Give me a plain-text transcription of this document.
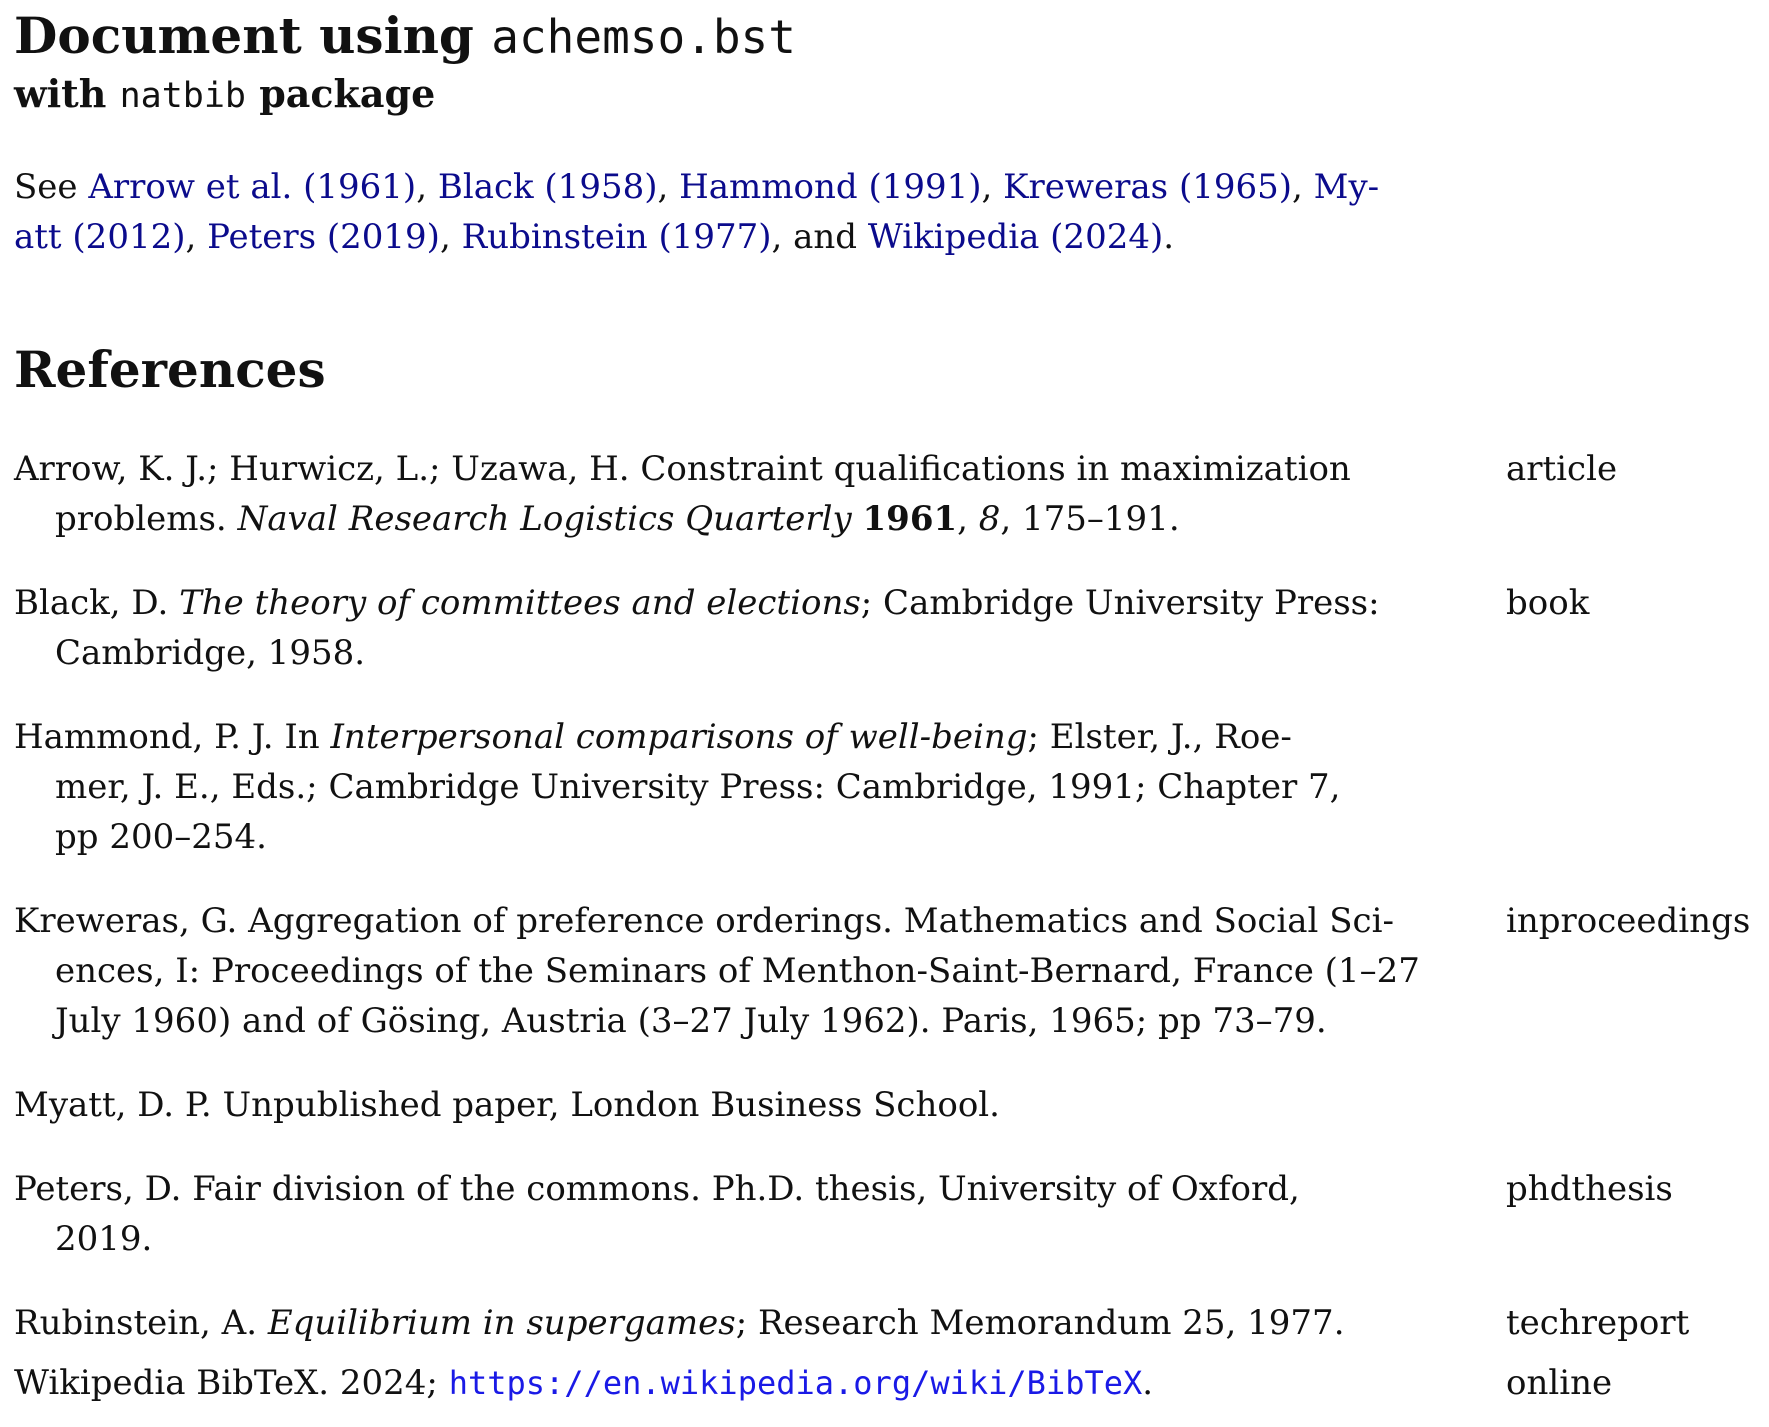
Document using achemso.bst
with natbib package
See Arrow et al. (1961), Black (1958), Hammond (1991), Kreweras (1965), My-
att (2012), Peters (2019), Rubinstein (1977), and Wikipedia (2024).
References
Arrow, K. J.; Hurwicz, L.; Uzawa, H. Constraint qualifications in maximization
problems. Naval Research Logistics Quarterly 1961, 8, 175–191.
article
Black, D. The theory of committees and elections; Cambridge University Press:
Cambridge, 1958.
book
Hammond, P. J. In Interpersonal comparisons of well-being; Elster, J., Roe-
mer, J. E., Eds.; Cambridge University Press: Cambridge, 1991; Chapter 7,
pp 200–254.
Kreweras, G. Aggregation of preference orderings. Mathematics and Social Sci-
ences, I: Proceedings of the Seminars of Menthon-Saint-Bernard, France (1–27
July 1960) and of Gösing, Austria (3–27 July 1962). Paris, 1965; pp 73–79.
inproceedings
Myatt, D. P. Unpublished paper, London Business School.
Peters, D. Fair division of the commons. Ph.D. thesis, University of Oxford,
2019.
phdthesis
Rubinstein, A. Equilibrium in supergames; Research Memorandum 25, 1977.	techreport
Wikipedia BibTeX. 2024; https://en.wikipedia.org/wiki/BibTeX.	online
